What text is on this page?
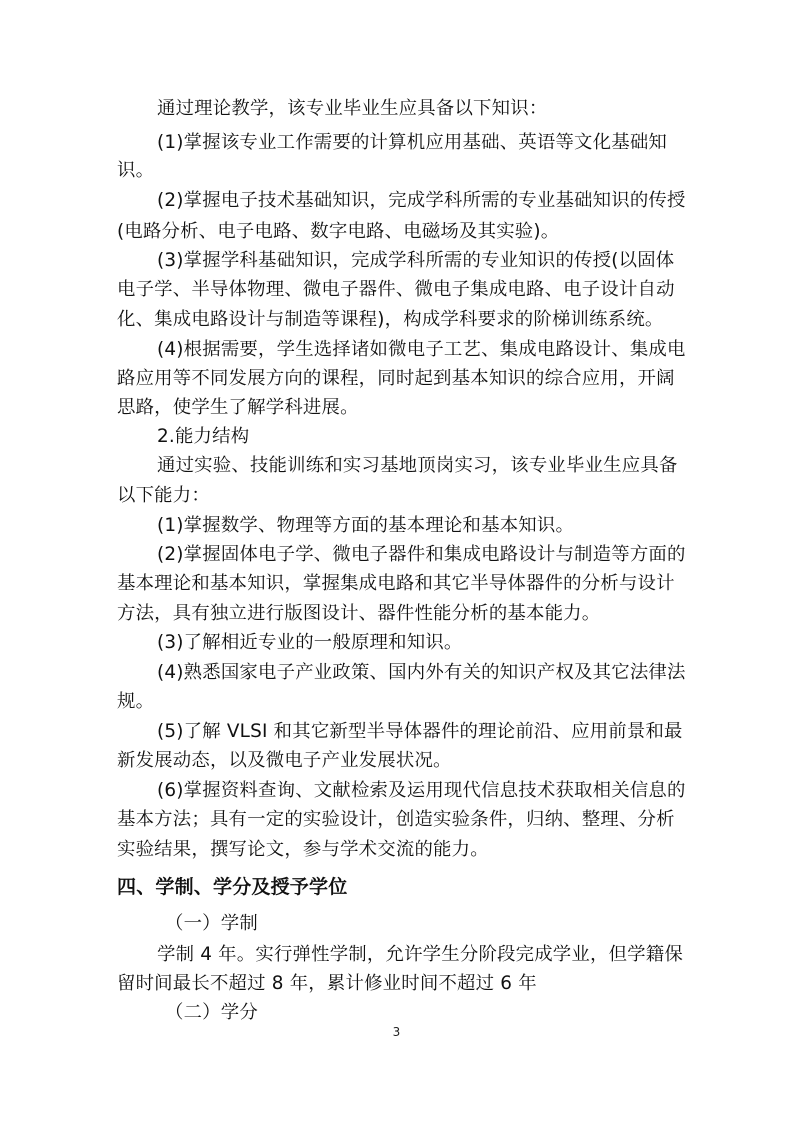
通过理论教学，该专业毕业生应具备以下知识：
(1)掌握该专业工作需要的计算机应用基础、英语等文化基础知
识。
(2)掌握电子技术基础知识，完成学科所需的专业基础知识的传授
(电路分析、电子电路、数字电路、电磁场及其实验)。
(3)掌握学科基础知识，完成学科所需的专业知识的传授(以固体
电子学、半导体物理、微电子器件、微电子集成电路、电子设计自动
化、集成电路设计与制造等课程)，构成学科要求的阶梯训练系统。
(4)根据需要，学生选择诸如微电子工艺、集成电路设计、集成电
路应用等不同发展方向的课程，同时起到基本知识的综合应用，开阔
思路，使学生了解学科进展。
2.能力结构
通过实验、技能训练和实习基地顶岗实习，该专业毕业生应具备
以下能力：
(1)掌握数学、物理等方面的基本理论和基本知识。
(2)掌握固体电子学、微电子器件和集成电路设计与制造等方面的
基本理论和基本知识，掌握集成电路和其它半导体器件的分析与设计
方法，具有独立进行版图设计、器件性能分析的基本能力。
(3)了解相近专业的一般原理和知识。
(4)熟悉国家电子产业政策、国内外有关的知识产权及其它法律法
规。
(5)了解 VLSI 和其它新型半导体器件的理论前沿、应用前景和最
新发展动态，以及微电子产业发展状况。
(6)掌握资料查询、文献检索及运用现代信息技术获取相关信息的
基本方法；具有一定的实验设计，创造实验条件，归纳、整理、分析
实验结果，撰写论文，参与学术交流的能力。
四、学制、学分及授予学位
（一）学制
学制 4 年。实行弹性学制，允许学生分阶段完成学业，但学籍保
留时间最长不超过 8 年，累计修业时间不超过 6 年
（二）学分
3
